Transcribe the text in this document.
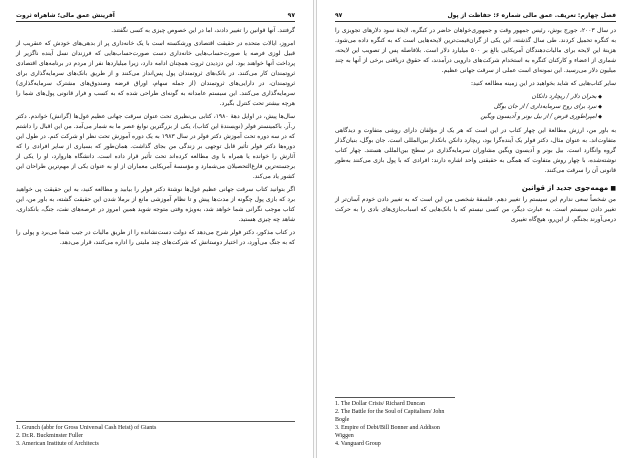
۹۷
آفرینش عمق مالی؛ شاهراه ثروت

گرفتند. آنها قوانین را تغییر دادند، اما در این خصوص چیزی به کسی نگفتند.

امروز، ایالات متحده در حقیقت اقتصادی ورشکسته است با یک خانه‌داری پر از بدهی‌های خودش که عنقریب از قبیل لوزی فرصه یا صورت‌حساب‌هایی خانه‌داری دست صورت‌حساب‌هایی که فرزندان نسل آینده ناگزیر از پرداخت آنها خواهند بود. این دزدیدن ثروت همچنان ادامه دارد، زیرا میلیاردها نفر از مردم در برنامه‌های اقتصادی ثروتمندان کار می‌کنند. در بانک‌های ثروتمندان پول پس‌انداز می‌کنند و از طریق بانک‌های سرمایه‌گذاری برای ثروتمندان، در دارایی‌های ثروتمندان (از جمله سهام، اوراق قرضه وصندوق‌های مشترک سرمایه‌گذاری) سرمایه‌گذاری می‌کنند. این سیستم عامدانه به گونه‌ای طراحی شده که به کسب و فرار قانونی پول‌های شما را هرچه بیشتر تحت کنترل بگیرد.

سال‌ها پیش، در اوایل دههٔ ۱۹۸۰، کتابی بی‌نظیری تحت عنوان سرقت جهانی عظیم غول‌ها (گرانش) خواندم. دکتر ر.آر. باکمینستر فولر (نویسندهٔ این کتاب)، یکی از بزرگترین نوابغ عصر ما به شمار می‌آمد. من این اقبال را داشتم که در سه دوره تحت آموزش دکتر فولر در سال ۱۹۸۳ به یک دوره آموزش تحت نظر او شرکت کنم. در طول این دوره‌ها دکتر فولر تأثیر قابل توجهی بر زندگی من بجای گذاشت. همان‌طور که بسیاری از سایر افرادی را که آثارش را خوانده یا همراه با وی مطالعه کرده‌اند تحت تأثیر قرار داده است. دانشگاه هاروارد، او را یکی از برجسته‌ترین فارغ‌التحصیلان می‌شمارد و مؤسسهٔ آمریکایی معماران از او به عنوان یکی از مهم‌ترین طراحان این کشور یاد می‌کند.

اگر بتوانید کتاب سرقت جهانی عظیم غول‌ها نوشتهٔ دکتر فولر را بیابید و مطالعه کنید، به این حقیقت پی خواهید برد که بازی پول چگونه از مدت‌ها پیش و تا نظام آموزشی مانع از برملا شدن این حقیقت گشته، به باور من، این کتاب موجب نگرانی شما خواهد شد، به‌ویژه وقتی متوجه شوید همین امروز در عرصه‌های نفت، جنگ، بانکداری، شاهد چه چیزی هستید.

در کتاب مذکور، دکتر فولر شرح می‌دهد که دولت دست‌نشانده را از طریق مالیات در جیب شما می‌برد و پولی را که به جنگ می‌آورد، در اختیار دوستانش که شرکت‌های چند ملیتی را اداره می‌کنند، قرار می‌دهد.

1. Grunch (abbr for Gross Universal Cash Heist) of Giants

2. Dr.R. Buckminster Fuller

3. American Institute of Architects

فصل چهارم: تعریف. عمق مالی شماره ۶: حفاظت از پول
۹۷

در سال ۲۰۰۳، جورج بوش، رئیس جمهور وقت و جمهوری‌خواهان حاضر در کنگره، لایحهٔ سود دلارهای تجویزی را به کنگره تحمیل کردند. طی سال گذشته، این یکی از گران‌قیمت‌ترین لایحه‌هایی است که به کنگره داده می‌شود. هزینهٔ این لایحه برای مالیات‌دهندگان آمریکایی بالغ بر ۵۰۰ میلیارد دلار است. بلافاصله پس از تصویب این لایحه، شماری از اعضاء و کارکنان کنگره به استخدام شرکت‌های دارویی درآمدند، که حقوق دریافتی برخی از آنها به چند میلیون دلار می‌رسید. این نمونه‌ای است عملی از سرقت جهانی عظیم.

سایر کتاب‌هایی که شاید بخواهید در این زمینه مطالعه کنید:

◆ بحران دلار / ریچارد دانکان
◆ نبرد برای روح سرمایه‌داری / از جان بوگل
◆ امپراطوری قرض / از بیل بونر و آدیسون ویگین

به باور من، ارزش مطالعهٔ این چهار کتاب در این است که هر یک از مؤلفان دارای روشی متفاوت و دیدگاهی متفاوت‌اند. به عنوان مثال، دکتر فولر یک آینده‌گرا بود، ریچارد دانکن بانکدار بین‌المللی است. جان بوگل، بنیان‌گذار گروه وانگارد است. بیل بونر و آدیسون ویگین مشاوران سرمایه‌گذاری در سطح بین‌المللی هستند. چهار کتاب نوشته‌شده، با چهار روش متفاوت که همگی به حقیقتی واحد اشاره دارند: افرادی که با پول بازی می‌کنند به‌طور قانونی آن را سرقت می‌کنند.

■ مهمه‌جوی جدید از قوانین

من شخصاً سعی ندارم این سیستم را تغییر دهم. فلسفهٔ شخصی من این است که به تغییر دادن خودم آسان‌تر از تغییر دادن سیستم است. به عبارت دیگر، من کسی نیستم که با بانک‌هایی که اسباب‌بازی‌های بادی را به حرکت درمی‌آورند بجنگم. از این‌رو، هیچ‌گاه تغییری

1. The Dollar Crisis/ Richard Duncan

2. The Battle for the Soul of Capitalism/ John Bogle

3. Empire of Debt/Bill Bonner and Addison Wiggen

4. Vanguard Group
